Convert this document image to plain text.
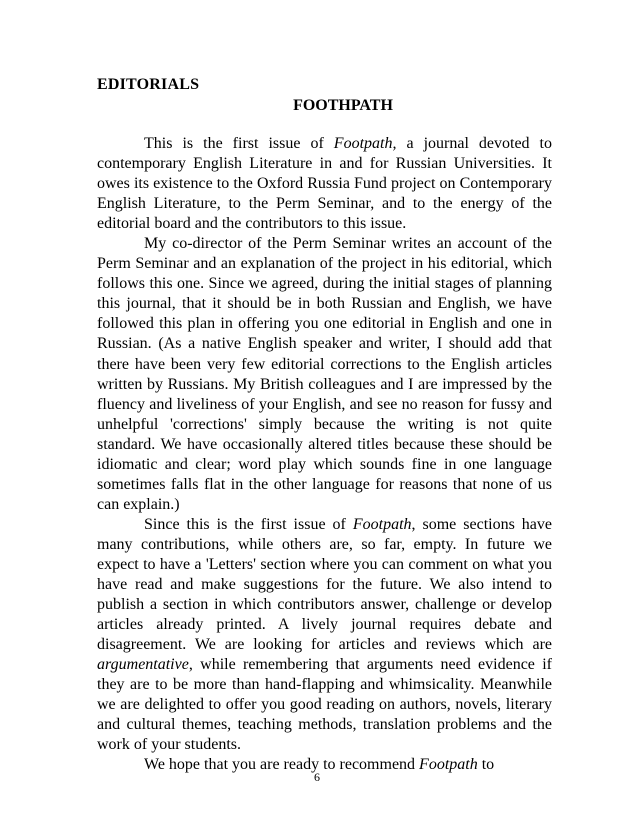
EDITORIALS
FOOTHPATH

This is the first issue of Footpath, a journal devoted to contemporary English Literature in and for Russian Universities. It owes its existence to the Oxford Russia Fund project on Contemporary English Literature, to the Perm Seminar, and to the energy of the editorial board and the contributors to this issue.

My co-director of the Perm Seminar writes an account of the Perm Seminar and an explanation of the project in his editorial, which follows this one. Since we agreed, during the initial stages of planning this journal, that it should be in both Russian and English, we have followed this plan in offering you one editorial in English and one in Russian. (As a native English speaker and writer, I should add that there have been very few editorial corrections to the English articles written by Russians. My British colleagues and I are impressed by the fluency and liveliness of your English, and see no reason for fussy and unhelpful 'corrections' simply because the writing is not quite standard. We have occasionally altered titles because these should be idiomatic and clear; word play which sounds fine in one language sometimes falls flat in the other language for reasons that none of us can explain.)

Since this is the first issue of Footpath, some sections have many contributions, while others are, so far, empty. In future we expect to have a 'Letters' section where you can comment on what you have read and make suggestions for the future. We also intend to publish a section in which contributors answer, challenge or develop articles already printed. A lively journal requires debate and disagreement. We are looking for articles and reviews which are argumentative, while remembering that arguments need evidence if they are to be more than hand-flapping and whimsicality. Meanwhile we are delighted to offer you good reading on authors, novels, literary and cultural themes, teaching methods, translation problems and the work of your students.

We hope that you are ready to recommend Footpath to

6
